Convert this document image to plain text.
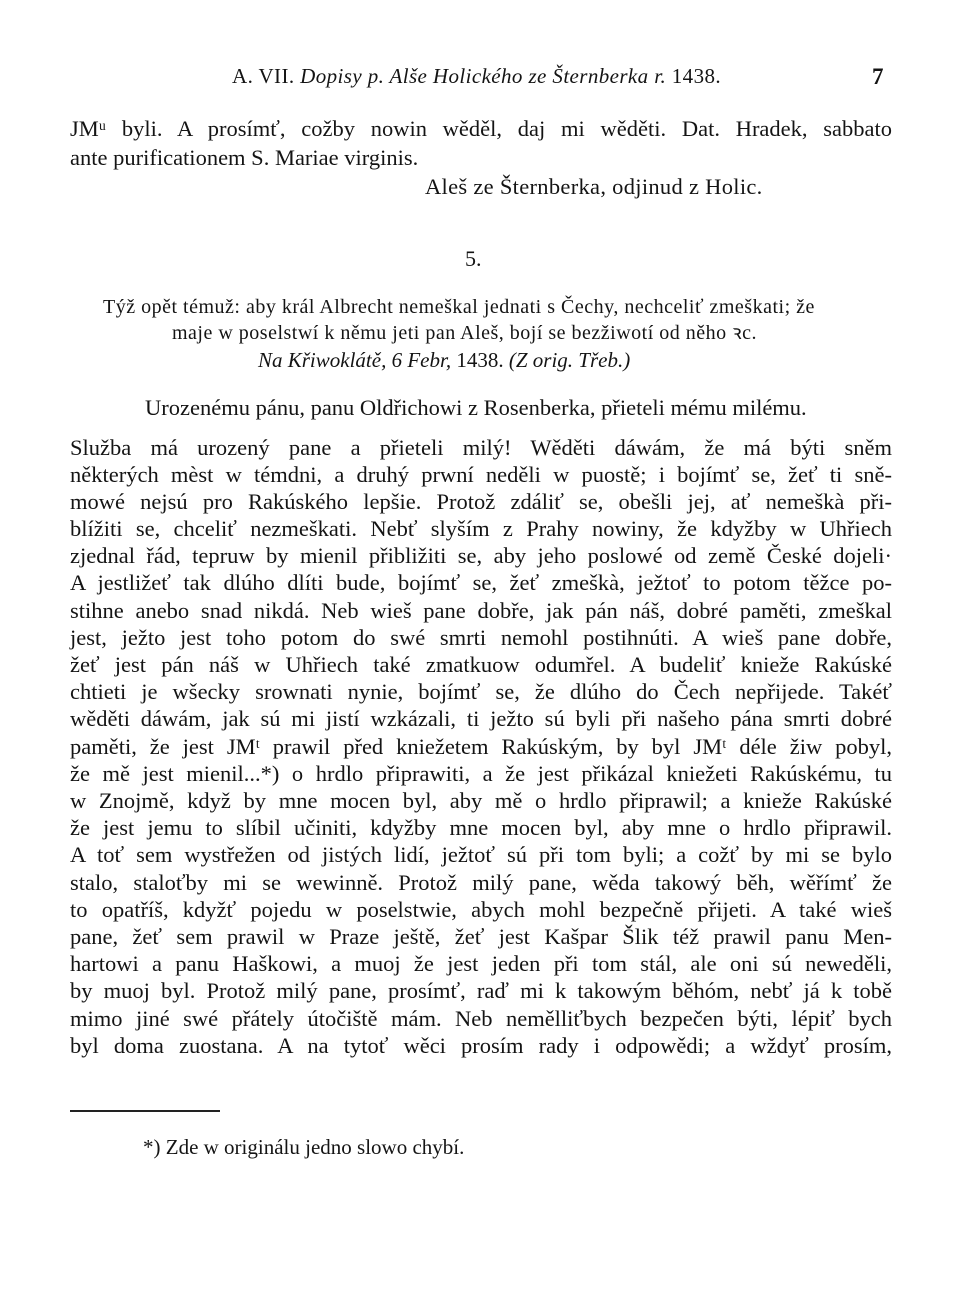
A. VII. Dopisy p. Alše Holického ze Šternberka r. 1438.	7
JMᵘ byli. A prosímť, cožby nowin wěděl, daj mi wěděti. Dat. Hradek, sabbato
ante purificationem S. Mariae virginis.
Aleš ze Šternberka, odjinud z Holic.
5.
Týž opět témuž: aby král Albrecht nemeškal jednati s Čechy, nechceliť zmeškati; že
maje w poselstwí k němu jeti pan Aleš, bojí se bezžiwotí od něho ꝛc.
Na Křiwoklátě, 6 Febr, 1438. (Z orig. Třeb.)
Urozenému pánu, panu Oldřichowi z Rosenberka, přieteli mému milému.
Služba má urozený pane a přieteli milý! Wěděti dáwám, že má býti sněm
některých mèst w témdni, a druhý prwní neděli w puostě; i bojímť se, žeť ti sně-
mowé nejsú pro Rakúského lepšie. Protož zdáliť se, obešli jej, ať nemeškà při-
blížiti se, chceliť nezmeškati. Nebť slyším z Prahy nowiny, že kdyžby w Uhřiech
zjednal řád, tepruw by mienil přibližiti se, aby jeho poslowé od země České dojeli·
A jestližeť tak dlúho dlíti bude, bojímť se, žeť zmeškà, ježtoť to potom těžce po-
stihne anebo snad nikdá. Neb wieš pane dobře, jak pán náš, dobré paměti, zmeškal
jest, ježto jest toho potom do swé smrti nemohl postihnúti. A wieš pane dobře,
žeť jest pán náš w Uhřiech také zmatkuow odumřel. A budeliť knieže Rakúské
chtieti je wšecky srownati nynie, bojímť se, že dlúho do Čech nepřijede. Takéť
wěděti dáwám, jak sú mi jistí wzkázali, ti ježto sú byli při našeho pána smrti dobré
paměti, že jest JMᵗ prawil před kniežetem Rakúským, by byl JMᵗ déle žiw pobyl,
že mě jest mienil...*) o hrdlo připrawiti, a že jest přikázal kniežeti Rakúskému, tu
w Znojmě, když by mne mocen byl, aby mě o hrdlo připrawil; a knieže Rakúské
že jest jemu to slíbil učiniti, kdyžby mne mocen byl, aby mne o hrdlo připrawil.
A toť sem wystřežen od jistých lidí, ježtoť sú při tom byli; a cožť by mi se bylo
stalo, staloťby mi se wewinně. Protož milý pane, wěda takowý běh, wěřímť že
to opatříš, kdyžť pojedu w poselstwie, abych mohl bezpečně přijeti. A také wieš
pane, žeť sem prawil w Praze ještě, žeť jest Kašpar Šlik též prawil panu Men-
hartowi a panu Haškowi, a muoj že jest jeden při tom stál, ale oni sú neweděli,
by muoj byl. Protož milý pane, prosímť, raď mi k takowým běhóm, nebť já k tobě
mimo jiné swé přátely útočiště mám. Neb nemělliťbych bezpečen býti, lépiť bych
byl doma zuostana. A na tytoť wěci prosím rady i odpowědi; a wždyť prosím,
*) Zde w originálu jedno slowo chybí.
